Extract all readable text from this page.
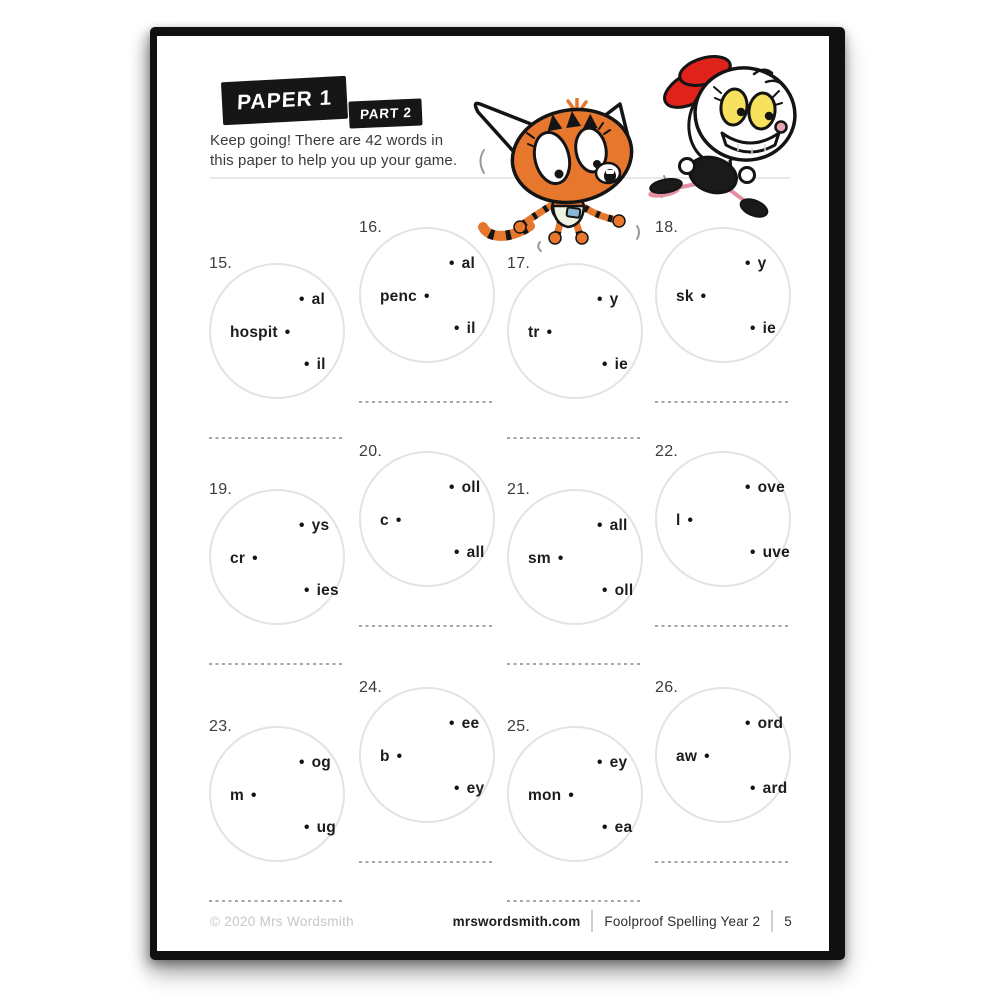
PAPER 1 PART 2
Keep going! There are 42 words in
this paper to help you up your game.
15.
hospit •
• al
• il
16.
penc •
• al
• il
17.
tr •
• y
• ie
18.
sk •
• y
• ie
19.
cr •
• ys
• ies
20.
c •
• oll
• all
21.
sm •
• all
• oll
22.
l •
• ove
• uve
23.
m •
• og
• ug
24.
b •
• ee
• ey
25.
mon •
• ey
• ea
26.
aw •
• ord
• ard
© 2020 Mrs Wordsmith	mrswordsmith.com Foolproof Spelling Year 2 5
